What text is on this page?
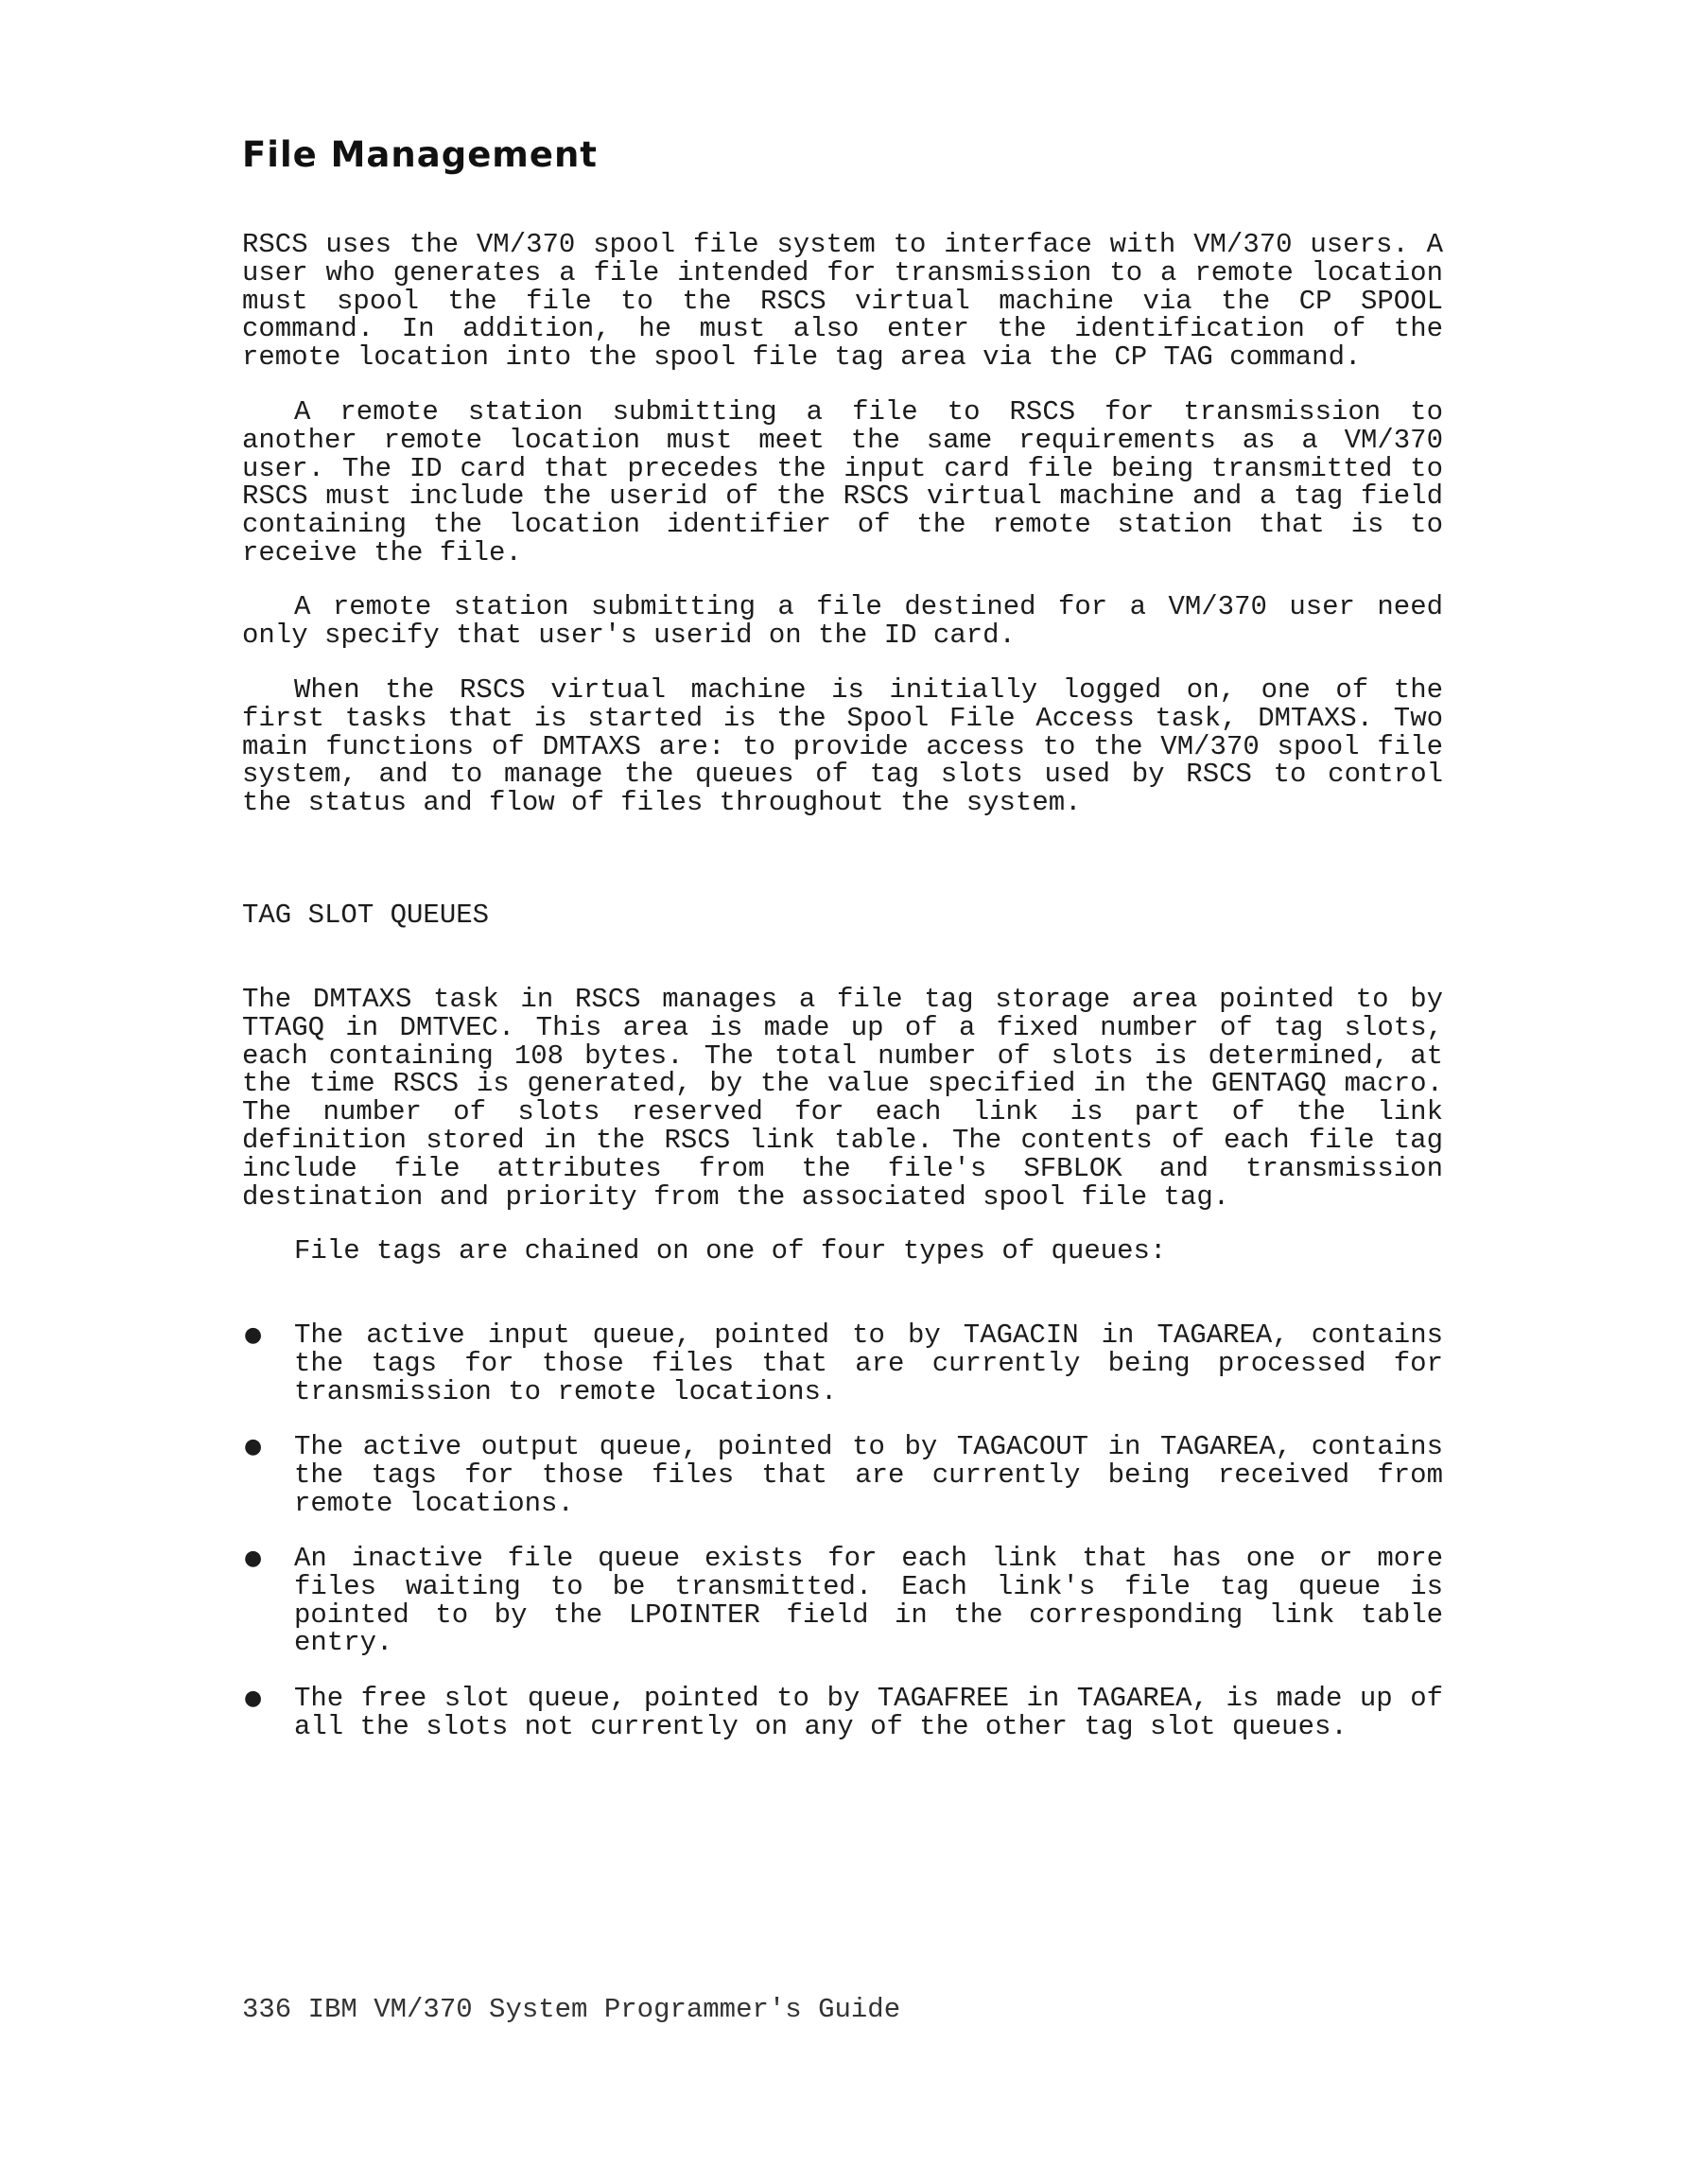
File Management

RSCS uses the VM/370 spool file system to interface with VM/370 users. A user who generates a file intended for transmission to a remote location must spool the file to the RSCS virtual machine via the CP SPOOL command. In addition, he must also enter the identification of the remote location into the spool file tag area via the CP TAG command.

A remote station submitting a file to RSCS for transmission to another remote location must meet the same requirements as a VM/370 user. The ID card that precedes the input card file being transmitted to RSCS must include the userid of the RSCS virtual machine and a tag field containing the location identifier of the remote station that is to receive the file.

A remote station submitting a file destined for a VM/370 user need only specify that user's userid on the ID card.

When the RSCS virtual machine is initially logged on, one of the first tasks that is started is the Spool File Access task, DMTAXS. Two main functions of DMTAXS are: to provide access to the VM/370 spool file system, and to manage the queues of tag slots used by RSCS to control the status and flow of files throughout the system.

TAG SLOT QUEUES

The DMTAXS task in RSCS manages a file tag storage area pointed to by TTAGQ in DMTVEC. This area is made up of a fixed number of tag slots, each containing 108 bytes. The total number of slots is determined, at the time RSCS is generated, by the value specified in the GENTAGQ macro. The number of slots reserved for each link is part of the link definition stored in the RSCS link table. The contents of each file tag include file attributes from the file's SFBLOK and transmission destination and priority from the associated spool file tag.

File tags are chained on one of four types of queues:

● The active input queue, pointed to by TAGACIN in TAGAREA, contains the tags for those files that are currently being processed for transmission to remote locations.

● The active output queue, pointed to by TAGACOUT in TAGAREA, contains the tags for those files that are currently being received from remote locations.

● An inactive file queue exists for each link that has one or more files waiting to be transmitted. Each link's file tag queue is pointed to by the LPOINTER field in the corresponding link table entry.

● The free slot queue, pointed to by TAGAFREE in TAGAREA, is made up of all the slots not currently on any of the other tag slot queues.

336 IBM VM/370 System Programmer's Guide
